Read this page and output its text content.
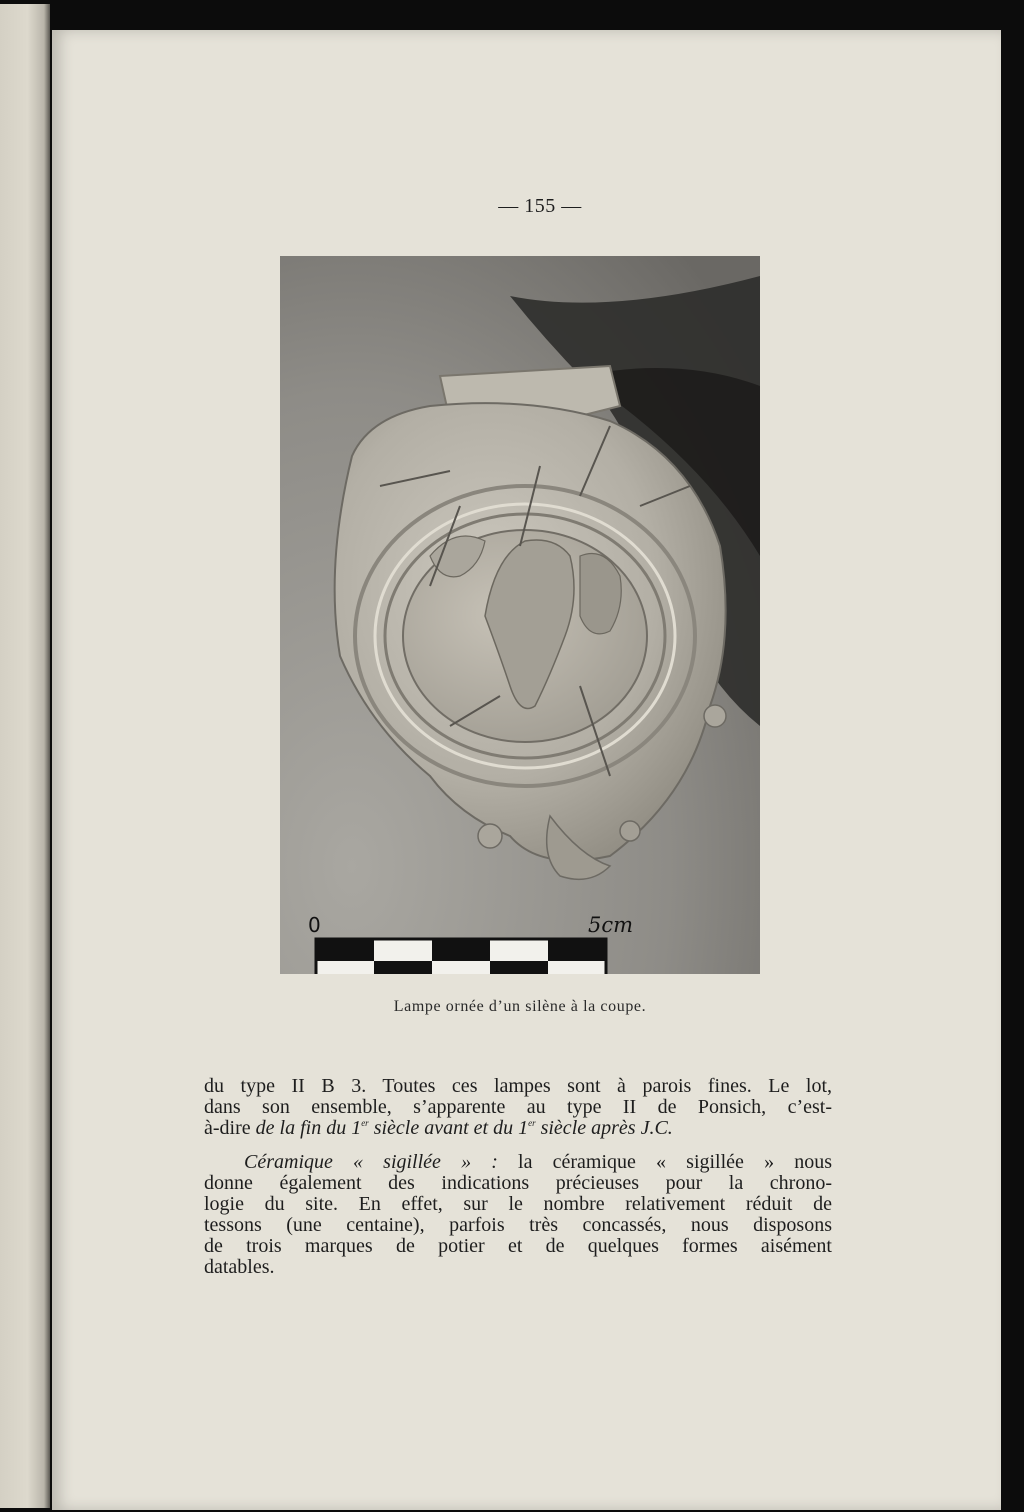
— 155 —
0	5cm
Lampe ornée d’un silène à la coupe.
du type II B 3. Toutes ces lampes sont à parois fines. Le lot,
dans son ensemble, s’apparente au type II de Ponsich, c’est-
à-dire de la fin du 1er siècle avant et du 1er siècle après J.C.
Céramique « sigillée » : la céramique « sigillée » nous
donne également des indications précieuses pour la chrono-
logie du site. En effet, sur le nombre relativement réduit de
tessons (une centaine), parfois très concassés, nous disposons
de trois marques de potier et de quelques formes aisément
datables.
